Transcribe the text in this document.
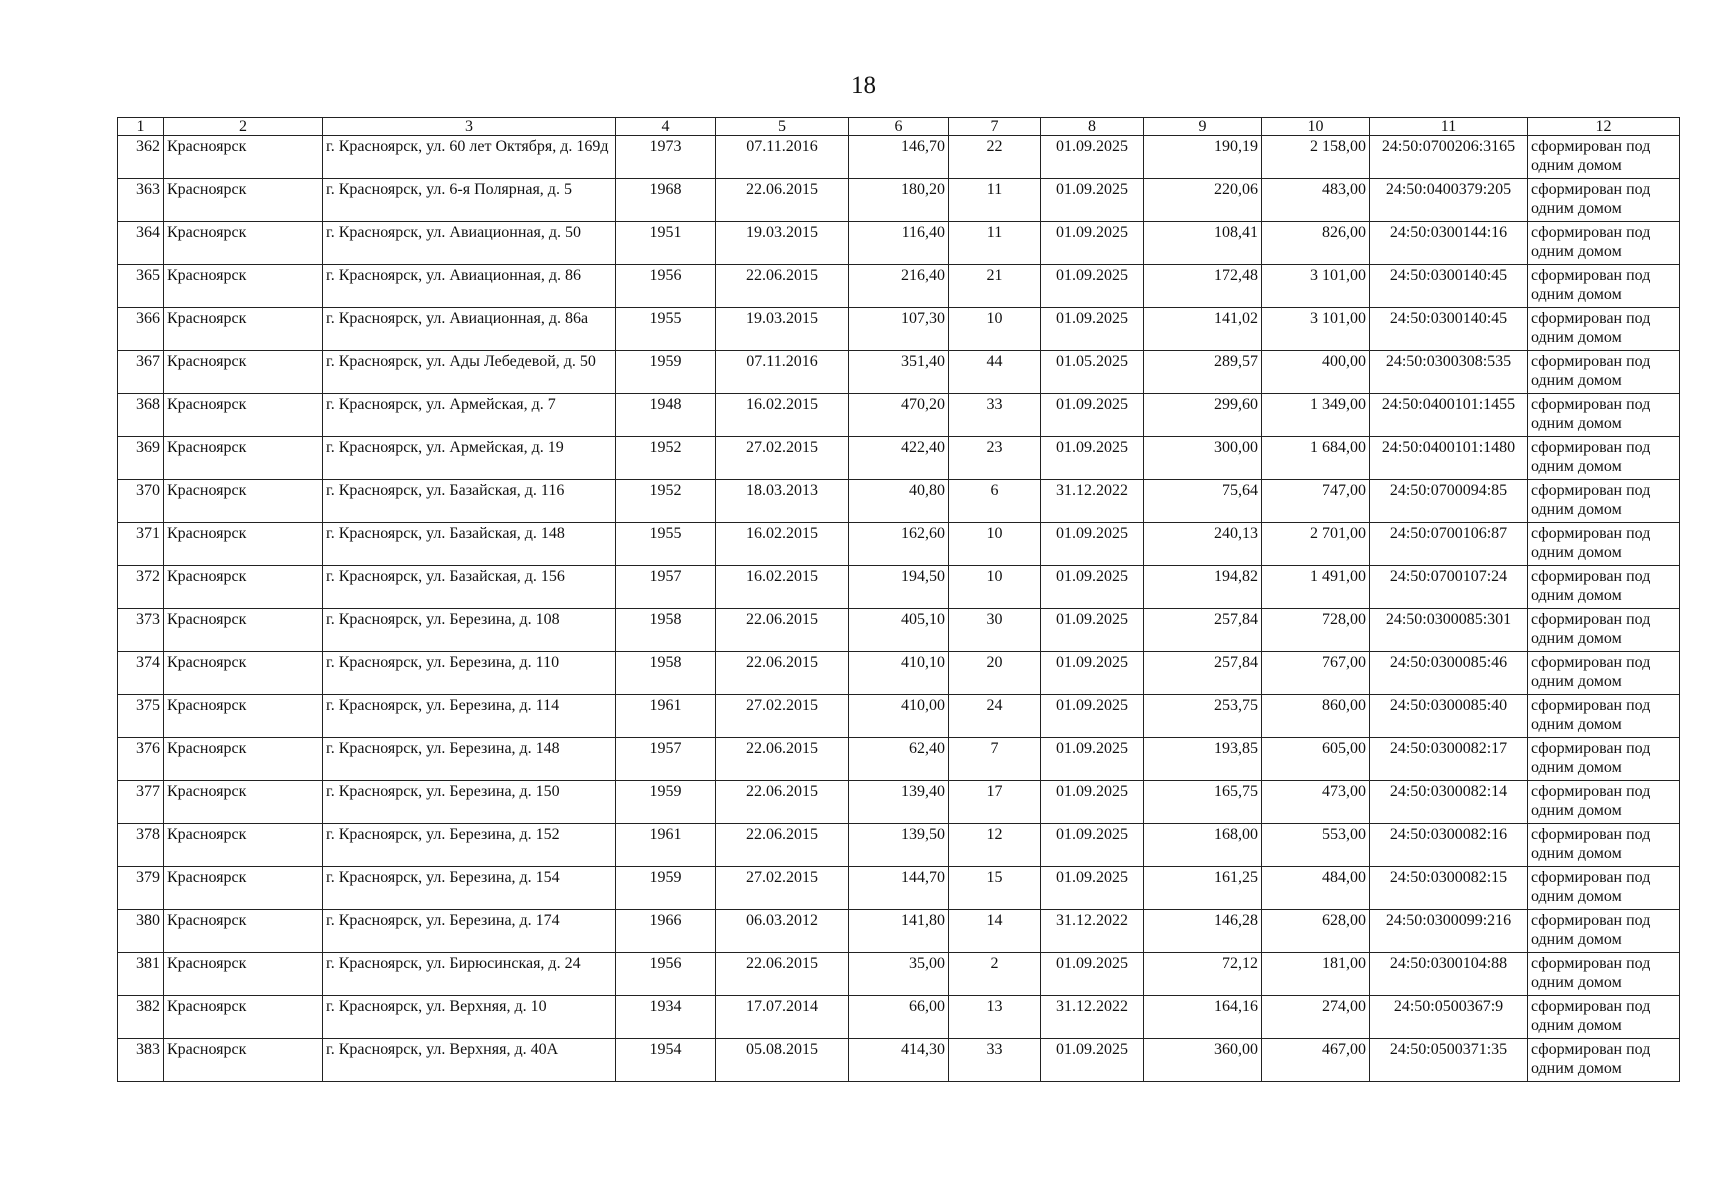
18
1	2	3	4	5	6	7	8	9	10	11	12
362	Красноярск	г. Красноярск, ул. 60 лет Октября, д. 169д	1973	07.11.2016	146,70	22	01.09.2025	190,19	2 158,00	24:50:0700206:3165	сформирован под одним домом
363	Красноярск	г. Красноярск, ул. 6-я Полярная, д. 5	1968	22.06.2015	180,20	11	01.09.2025	220,06	483,00	24:50:0400379:205	сформирован под одним домом
364	Красноярск	г. Красноярск, ул. Авиационная, д. 50	1951	19.03.2015	116,40	11	01.09.2025	108,41	826,00	24:50:0300144:16	сформирован под одним домом
365	Красноярск	г. Красноярск, ул. Авиационная, д. 86	1956	22.06.2015	216,40	21	01.09.2025	172,48	3 101,00	24:50:0300140:45	сформирован под одним домом
366	Красноярск	г. Красноярск, ул. Авиационная, д. 86а	1955	19.03.2015	107,30	10	01.09.2025	141,02	3 101,00	24:50:0300140:45	сформирован под одним домом
367	Красноярск	г. Красноярск, ул. Ады Лебедевой, д. 50	1959	07.11.2016	351,40	44	01.05.2025	289,57	400,00	24:50:0300308:535	сформирован под одним домом
368	Красноярск	г. Красноярск, ул. Армейская, д. 7	1948	16.02.2015	470,20	33	01.09.2025	299,60	1 349,00	24:50:0400101:1455	сформирован под одним домом
369	Красноярск	г. Красноярск, ул. Армейская, д. 19	1952	27.02.2015	422,40	23	01.09.2025	300,00	1 684,00	24:50:0400101:1480	сформирован под одним домом
370	Красноярск	г. Красноярск, ул. Базайская, д. 116	1952	18.03.2013	40,80	6	31.12.2022	75,64	747,00	24:50:0700094:85	сформирован под одним домом
371	Красноярск	г. Красноярск, ул. Базайская, д. 148	1955	16.02.2015	162,60	10	01.09.2025	240,13	2 701,00	24:50:0700106:87	сформирован под одним домом
372	Красноярск	г. Красноярск, ул. Базайская, д. 156	1957	16.02.2015	194,50	10	01.09.2025	194,82	1 491,00	24:50:0700107:24	сформирован под одним домом
373	Красноярск	г. Красноярск, ул. Березина, д. 108	1958	22.06.2015	405,10	30	01.09.2025	257,84	728,00	24:50:0300085:301	сформирован под одним домом
374	Красноярск	г. Красноярск, ул. Березина, д. 110	1958	22.06.2015	410,10	20	01.09.2025	257,84	767,00	24:50:0300085:46	сформирован под одним домом
375	Красноярск	г. Красноярск, ул. Березина, д. 114	1961	27.02.2015	410,00	24	01.09.2025	253,75	860,00	24:50:0300085:40	сформирован под одним домом
376	Красноярск	г. Красноярск, ул. Березина, д. 148	1957	22.06.2015	62,40	7	01.09.2025	193,85	605,00	24:50:0300082:17	сформирован под одним домом
377	Красноярск	г. Красноярск, ул. Березина, д. 150	1959	22.06.2015	139,40	17	01.09.2025	165,75	473,00	24:50:0300082:14	сформирован под одним домом
378	Красноярск	г. Красноярск, ул. Березина, д. 152	1961	22.06.2015	139,50	12	01.09.2025	168,00	553,00	24:50:0300082:16	сформирован под одним домом
379	Красноярск	г. Красноярск, ул. Березина, д. 154	1959	27.02.2015	144,70	15	01.09.2025	161,25	484,00	24:50:0300082:15	сформирован под одним домом
380	Красноярск	г. Красноярск, ул. Березина, д. 174	1966	06.03.2012	141,80	14	31.12.2022	146,28	628,00	24:50:0300099:216	сформирован под одним домом
381	Красноярск	г. Красноярск, ул. Бирюсинская, д. 24	1956	22.06.2015	35,00	2	01.09.2025	72,12	181,00	24:50:0300104:88	сформирован под одним домом
382	Красноярск	г. Красноярск, ул. Верхняя, д. 10	1934	17.07.2014	66,00	13	31.12.2022	164,16	274,00	24:50:0500367:9	сформирован под одним домом
383	Красноярск	г. Красноярск, ул. Верхняя, д. 40А	1954	05.08.2015	414,30	33	01.09.2025	360,00	467,00	24:50:0500371:35	сформирован под одним домом
